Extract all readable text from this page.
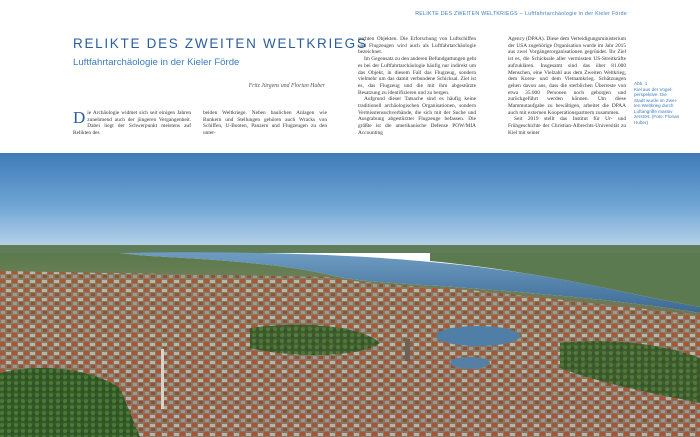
RELIKTE DES ZWEITEN WELTKRIEGS – Luftfahrtarchäologie in der Kieler Förde
RELIKTE DES ZWEITEN WELTKRIEGS
Luftfahrtarchäologie in der Kieler Förde
Fritz Jürgens und Florian Huber

Die Archäologie widmet sich seit einigen Jahren zunehmend auch der jüngeren Vergangenheit. Dabei liegt der Schwerpunkt meistens auf Relikten des

beiden Weltkriege. Neben baulichen Anlagen wie Bunkern und Stellungen gehören auch Wracks von Schiffen, U-Booten, Panzern und Flugzeugen zu den unter-

suchten Objekten. Die Erforschung von Luftschiffen und Flugzeugen wird auch als Luftfahrtarchäologie bezeichnet.

Im Gegensatz zu den anderen Befundgattungen geht es bei der Luftfahrtarchäologie häufig nur indirekt um das Objekt, in diesem Fall das Flugzeug, sondern vielmehr um das damit verbundene Schicksal. Ziel ist es, das Flugzeug und die mit ihm abgestürzte Besatzung zu identifizieren und zu bergen.

Aufgrund dieser Tatsache sind es häufig keine traditionell archäologischen Organisationen, sondern Vermisstensuchverbände, die sich mit der Suche und Ausgrabung abgestürzter Flugzeuge befassen. Die größte ist die amerikanische Defense POW/MIA Accounting

Agency (DPAA). Diese dem Verteidigungsministerium der USA zugehörige Organisation wurde im Jahr 2015 aus zwei Vorgängerorganisationen gegründet. Ihr Ziel ist es, die Schicksale aller vermissten US-Streitkräfte aufzuklären. Insgesamt sind das über 81.000 Menschen, eine Vielzahl aus dem Zweiten Weltkrieg, dem Korea- und dem Vietnamkrieg. Schätzungen gehen davon aus, dass die sterblichen Überreste von etwa 35.000 Personen noch geborgen und zurückgeführt werden können. Um diese Mammutaufgabe zu bewältigen, arbeitet die DPAA auch mit externen Kooperationspartnern zusammen.

Seit 2019 stellt das Institut für Ur- und Frühgeschichte der Christian-Albrechts-Universität zu Kiel mit seiner

Abb. 1
Kiel aus der Vogel-
perspektive. Die
Stadt wurde im Zwei-
ten Weltkrieg durch
Luftangriffe massiv
zerstört. (Foto: Florian
Huber)
